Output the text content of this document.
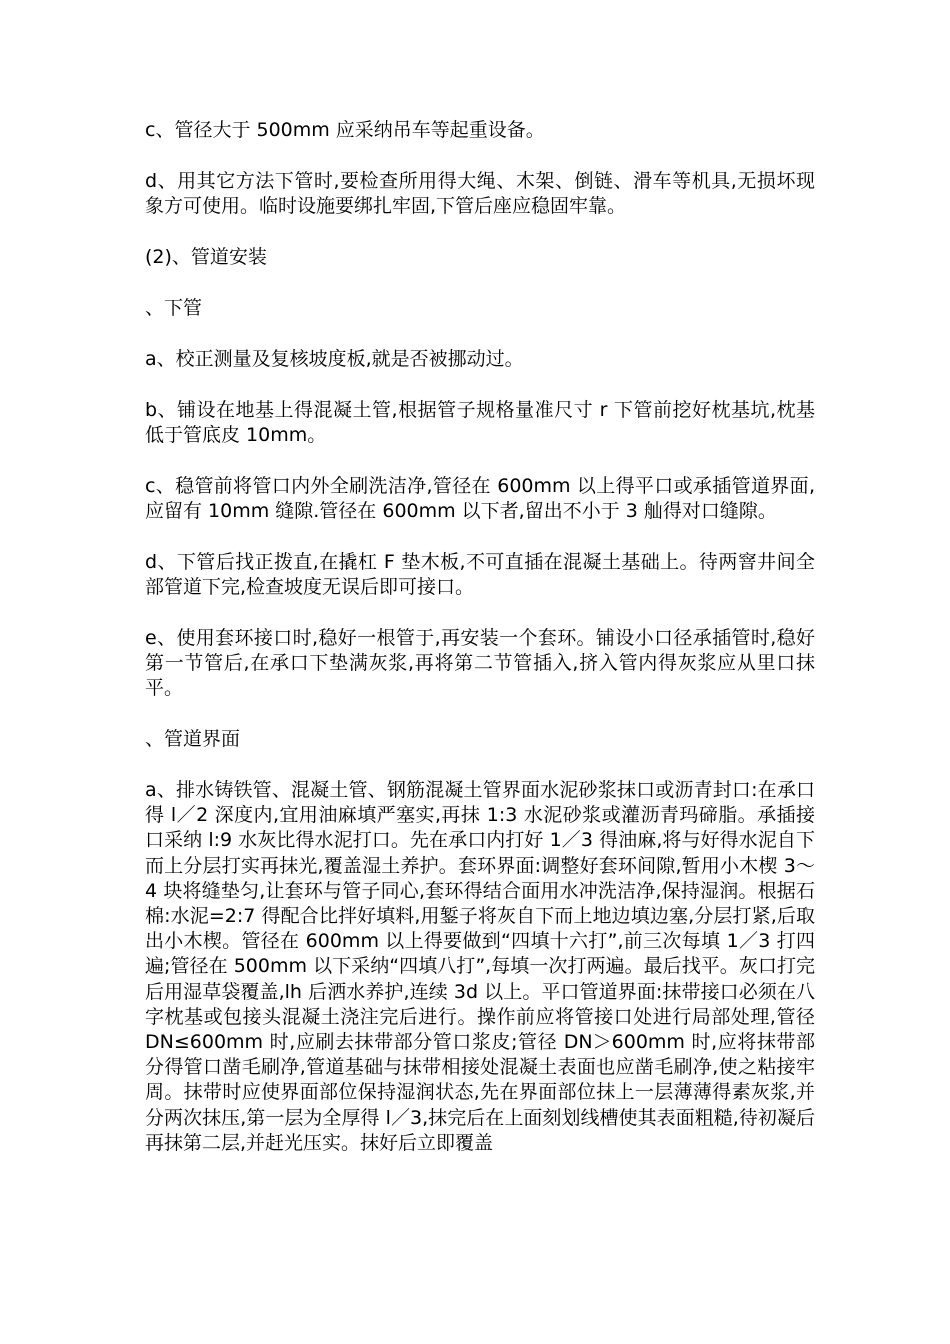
c、管径大于 500mm 应采纳吊车等起重设备。

d、用其它方法下管时,要检查所用得大绳、木架、倒链、滑车等机具,无损坏现象方可使用。临时设施要绑扎牢固,下管后座应稳固牢靠。

(2)、管道安装

、下管

a、校正测量及复核坡度板,就是否被挪动过。

b、铺设在地基上得混凝土管,根据管子规格量准尺寸 r 下管前挖好枕基坑,枕基低于管底皮 10mm。

c、稳管前将管口内外全刷洗洁净,管径在 600mm 以上得平口或承插管道界面,应留有 10mm 缝隙.管径在 600mm 以下者,留出不小于 3 舢得对口缝隙。

d、下管后找正拨直,在撬杠 F 垫木板,不可直插在混凝土基础上。待两窨井间全部管道下完,检查坡度无误后即可接口。

e、使用套环接口时,稳好一根管于,再安装一个套环。铺设小口径承插管时,稳好第一节管后,在承口下垫满灰浆,再将第二节管插入,挤入管内得灰浆应从里口抹平。

、管道界面

a、排水铸铁管、混凝土管、钢筋混凝土管界面水泥砂浆抹口或沥青封口:在承口得 l／2 深度内,宜用油麻填严塞实,再抹 1:3 水泥砂浆或灌沥青玛碲脂。承插接口采纳 l:9 水灰比得水泥打口。先在承口内打好 1／3 得油麻,将与好得水泥自下而上分层打实再抹光,覆盖湿土养护。套环界面:调整好套环间隙,暂用小木楔 3～4 块将缝垫匀,让套环与管子同心,套环得结合面用水冲洗洁净,保持湿润。根据石棉:水泥=2:7 得配合比拌好填料,用錾子将灰自下而上地边填边塞,分层打紧,后取出小木楔。管径在 600mm 以上得要做到“四填十六打”,前三次每填 1／3 打四遍;管径在 500mm 以下采纳“四填八打”,每填一次打两遍。最后找平。灰口打完后用湿草袋覆盖,lh 后洒水养护,连续 3d 以上。平口管道界面:抹带接口必须在八字枕基或包接头混凝土浇注完后进行。操作前应将管接口处进行局部处理,管径 DN≤600mm 时,应刷去抹带部分管口浆皮;管径 DN＞600mm 时,应将抹带部分得管口凿毛刷净,管道基础与抹带相接处混凝土表面也应凿毛刷净,使之粘接牢周。抹带时应使界面部位保持湿润状态,先在界面部位抹上一层薄薄得素灰浆,并分两次抹压,第一层为全厚得 l／3,抹完后在上面刻划线槽使其表面粗糙,待初凝后再抹第二层,并赶光压实。抹好后立即覆盖
